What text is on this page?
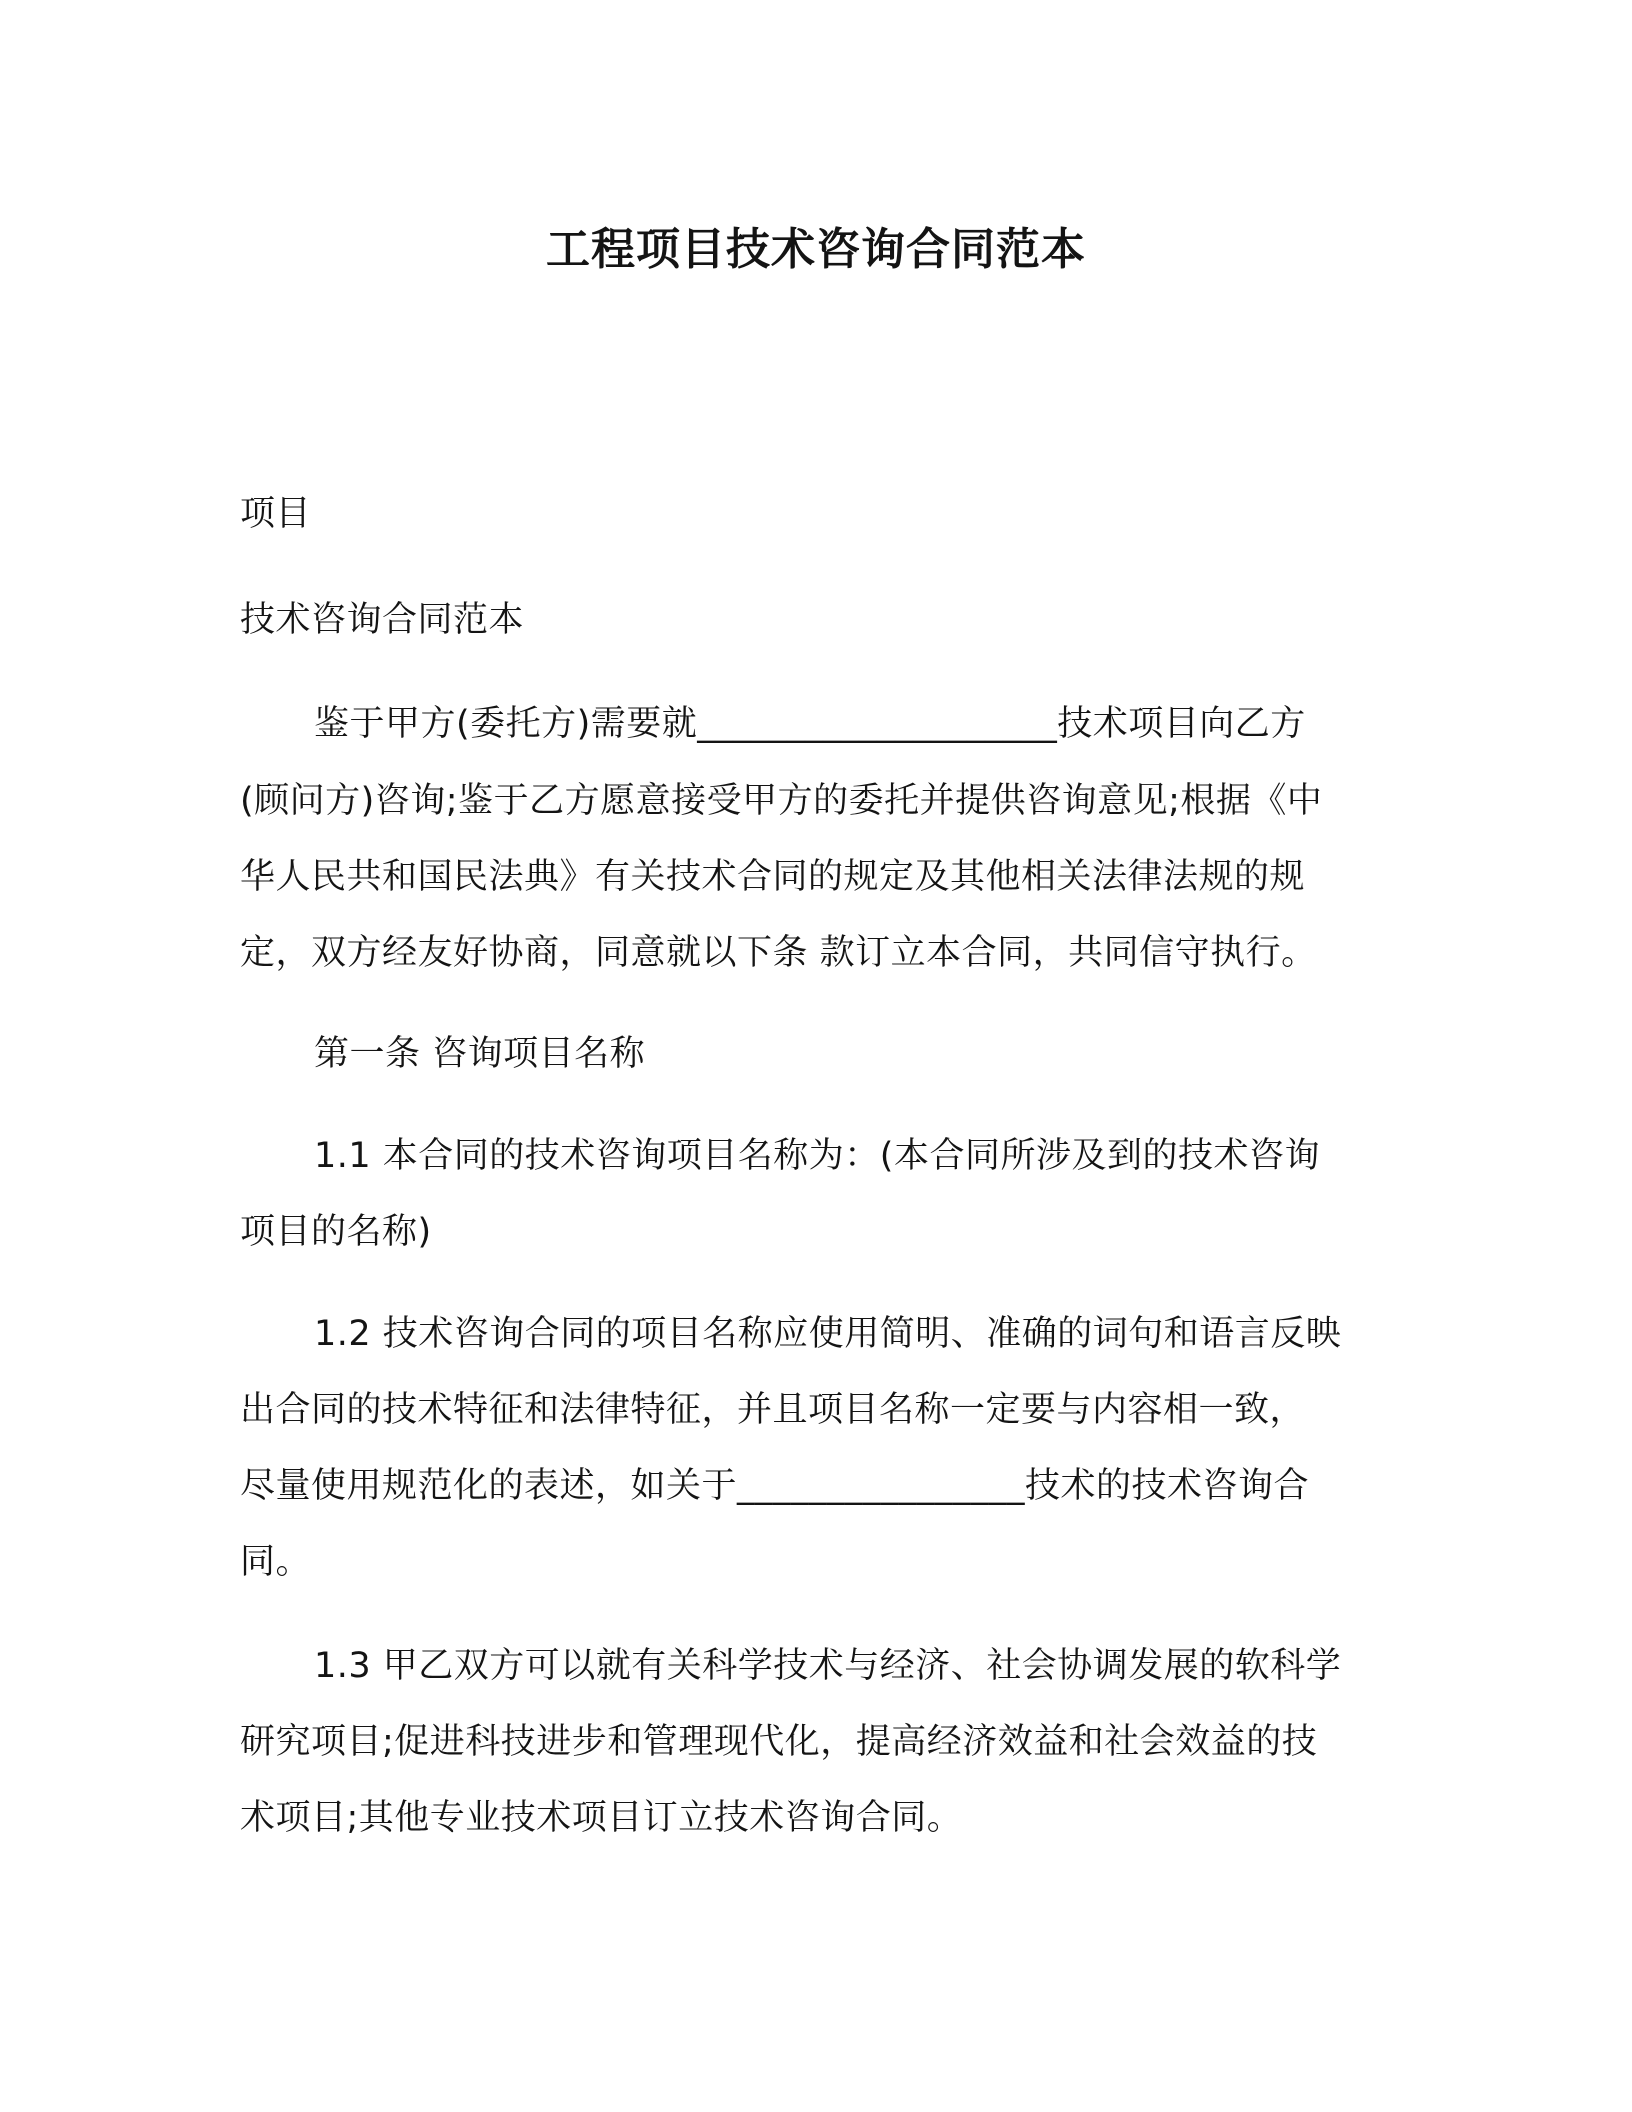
工程项目技术咨询合同范本
项目
技术咨询合同范本
鉴于甲方(委托方)需要就____________________技术项目向乙方
(顾问方)咨询;鉴于乙方愿意接受甲方的委托并提供咨询意见;根据《中
华人民共和国民法典》有关技术合同的规定及其他相关法律法规的规
定，双方经友好协商，同意就以下条 款订立本合同，共同信守执行。
第一条 咨询项目名称
1.1 本合同的技术咨询项目名称为：(本合同所涉及到的技术咨询
项目的名称)
1.2 技术咨询合同的项目名称应使用简明、准确的词句和语言反映
出合同的技术特征和法律特征，并且项目名称一定要与内容相一致，
尽量使用规范化的表述，如关于________________技术的技术咨询合
同。
1.3 甲乙双方可以就有关科学技术与经济、社会协调发展的软科学
研究项目;促进科技进步和管理现代化，提高经济效益和社会效益的技
术项目;其他专业技术项目订立技术咨询合同。
